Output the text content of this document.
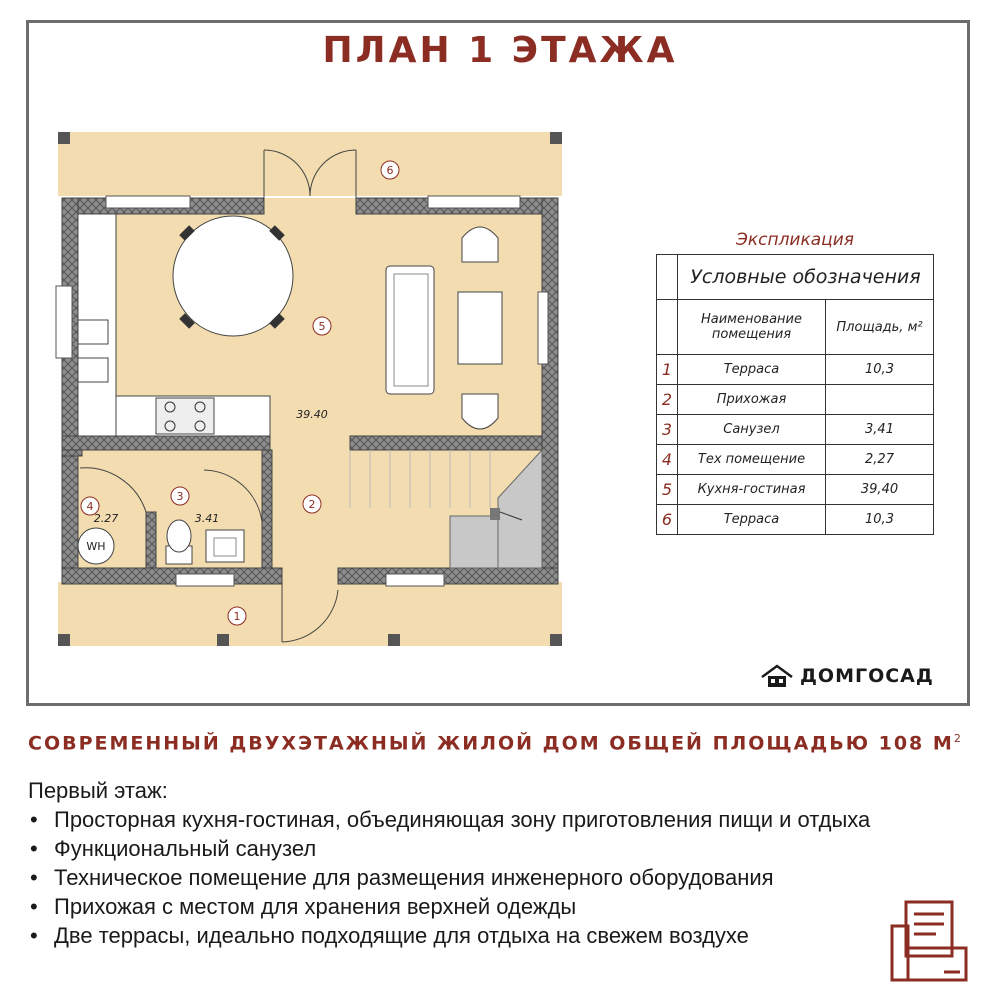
ПЛАН 1 ЭТАЖА
WH
1
2
3
4
5
6
3.41
2.27
39.40
Экспликация
	Условные обозначения	
	Наименование помещения	Площадь, м²
1	Терраса	10,3
2	Прихожая	
3	Санузел	3,41
4	Тех помещение	2,27
5	Кухня-гостиная	39,40
6	Терраса	10,3
ДОМГОСАД
СОВРЕМЕННЫЙ ДВУХЭТАЖНЫЙ ЖИЛОЙ ДОМ ОБЩЕЙ ПЛОЩАДЬЮ 108 $М^2$
Первый этаж:
• Просторная кухня-гостиная, объединяющая зону приготовления пищи и отдыха
• Функциональный санузел
• Техническое помещение для размещения инженерного оборудования
• Прихожая с местом для хранения верхней одежды
• Две террасы, идеально подходящие для отдыха на свежем воздухе
